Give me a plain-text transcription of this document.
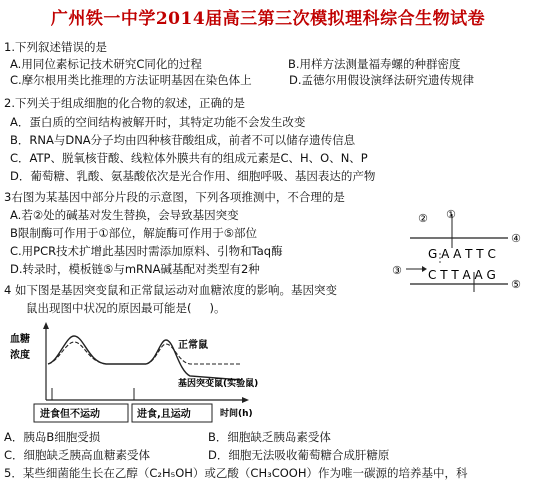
广州铁一中学2014届高三第三次模拟理科综合生物试卷
1.下列叙述错误的是
A.用同位素标记技术研究C同化的过程	B.用样方法测量福寿螺的种群密度
C.摩尔根用类比推理的方法证明基因在染色体上	D.孟德尔用假设演绎法研究遗传规律
2.下列关于组成细胞的化合物的叙述，正确的是
A．蛋白质的空间结构被解开时，其特定功能不会发生改变
B．RNA与DNA分子均由四种核苷酸组成，前者不可以储存遗传信息
C．ATP、脱氧核苷酸、线粒体外膜共有的组成元素是C、H、O、N、P
D．葡萄糖、乳酸、氨基酸依次是光合作用、细胞呼吸、基因表达的产物
3右图为某基因中部分片段的示意图，下列各项推测中，不合理的是
A.若②处的碱基对发生替换，会导致基因突变
B限制酶可作用于①部位，解旋酶可作用于⑤部位
C.用PCR技术扩增此基因时需添加原料、引物和Taq酶
D.转录时，模板链⑤与mRNA碱基配对类型有2种
G A A T T C
C T T A A G
①
②
③
④
⑤
4 如下图是基因突变鼠和正常鼠运动对血糖浓度的影响。基因突变
鼠出现图中状况的原因最可能是( )。
血糖
浓度
时间(h)
正常鼠
基因突变鼠(实验鼠)
进食但不运动	进食,且运动
A．胰岛B细胞受损	B．细胞缺乏胰岛素受体
C．细胞缺乏胰高血糖素受体	D．细胞无法吸收葡萄糖合成肝糖原
5．某些细菌能生长在乙醇（C₂H₅OH）或乙酸（CH₃COOH）作为唯一碳源的培养基中，科
